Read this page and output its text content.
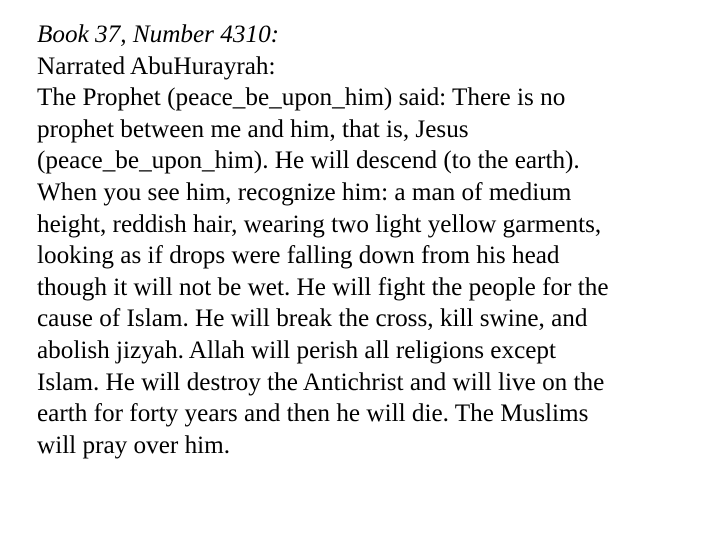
Book 37, Number 4310:
Narrated AbuHurayrah:
The Prophet (peace_be_upon_him) said: There is no
prophet between me and him, that is, Jesus
(peace_be_upon_him). He will descend (to the earth).
When you see him, recognize him: a man of medium
height, reddish hair, wearing two light yellow garments,
looking as if drops were falling down from his head
though it will not be wet. He will fight the people for the
cause of Islam. He will break the cross, kill swine, and
abolish jizyah. Allah will perish all religions except
Islam. He will destroy the Antichrist and will live on the
earth for forty years and then he will die. The Muslims
will pray over him.
